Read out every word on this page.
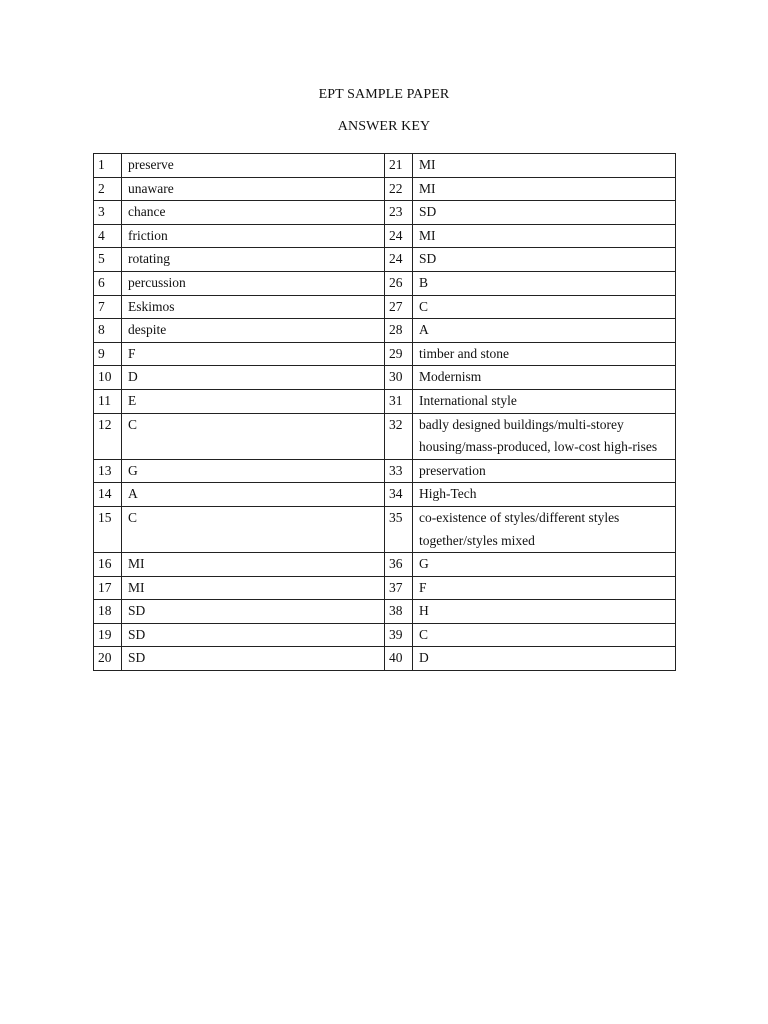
EPT SAMPLE PAPER
ANSWER KEY
1	preserve	21	MI
2	unaware	22	MI
3	chance	23	SD
4	friction	24	MI
5	rotating	24	SD
6	percussion	26	B
7	Eskimos	27	C
8	despite	28	A
9	F	29	timber and stone
10	D	30	Modernism
11	E	31	International style
12	C	32	badly designed buildings/multi-storey housing/mass-produced, low-cost high-rises
13	G	33	preservation
14	A	34	High-Tech
15	C	35	co-existence of styles/different styles together/styles mixed
16	MI	36	G
17	MI	37	F
18	SD	38	H
19	SD	39	C
20	SD	40	D
